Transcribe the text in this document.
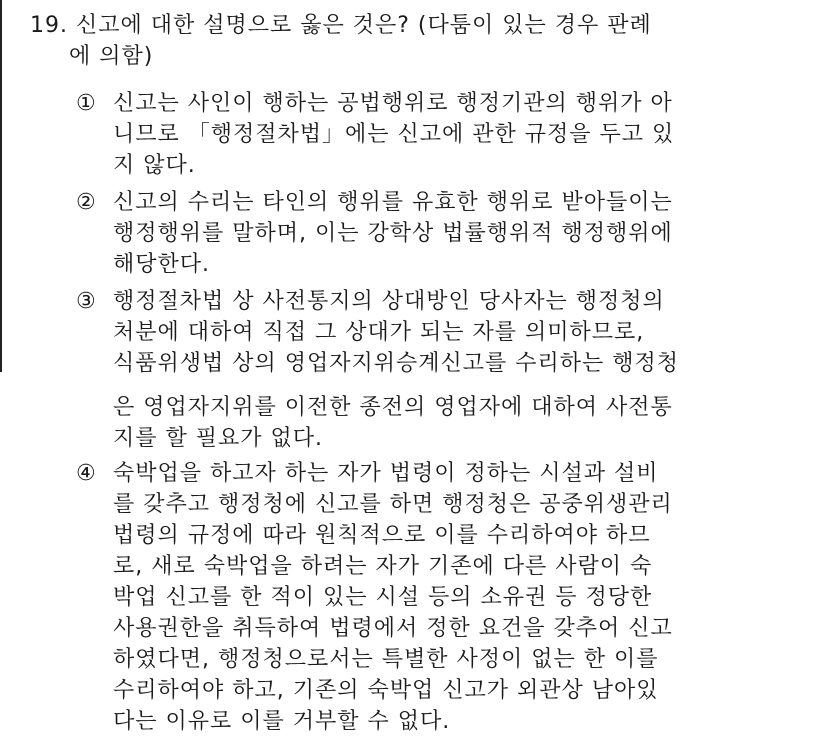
19. 신고에 대한 설명으로 옳은 것은? (다툼이 있는 경우 판례
에 의함)
① 신고는 사인이 행하는 공법행위로 행정기관의 행위가 아
니므로 「행정절차법」에는 신고에 관한 규정을 두고 있
지 않다.
② 신고의 수리는 타인의 행위를 유효한 행위로 받아들이는
행정행위를 말하며, 이는 강학상 법률행위적 행정행위에
해당한다.
③ 행정절차법 상 사전통지의 상대방인 당사자는 행정청의
처분에 대하여 직접 그 상대가 되는 자를 의미하므로,
식품위생법 상의 영업자지위승계신고를 수리하는 행정청
은 영업자지위를 이전한 종전의 영업자에 대하여 사전통
지를 할 필요가 없다.
④ 숙박업을 하고자 하는 자가 법령이 정하는 시설과 설비
를 갖추고 행정청에 신고를 하면 행정청은 공중위생관리
법령의 규정에 따라 원칙적으로 이를 수리하여야 하므
로, 새로 숙박업을 하려는 자가 기존에 다른 사람이 숙
박업 신고를 한 적이 있는 시설 등의 소유권 등 정당한
사용권한을 취득하여 법령에서 정한 요건을 갖추어 신고
하였다면, 행정청으로서는 특별한 사정이 없는 한 이를
수리하여야 하고, 기존의 숙박업 신고가 외관상 남아있
다는 이유로 이를 거부할 수 없다.
